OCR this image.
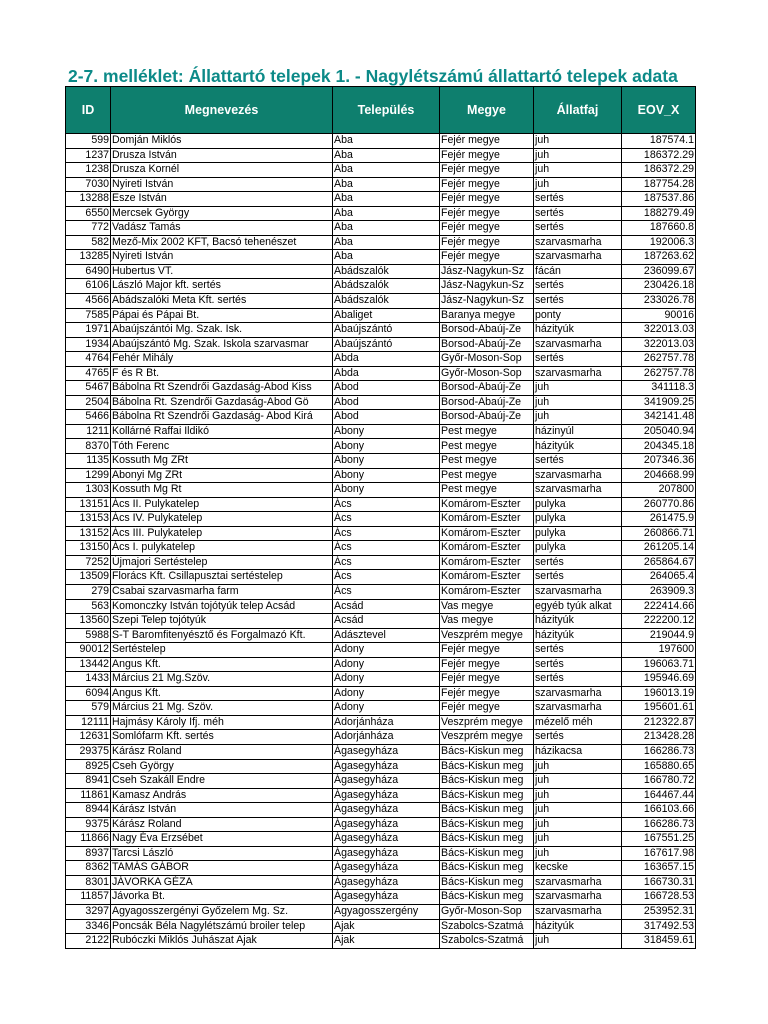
2-7. melléklet: Állattartó telepek 1. - Nagylétszámú állattartó telepek adata
ID	Megnevezés	Település	Megye	Állatfaj	EOV_X
599	Domján Miklós	Aba	Fejér megye	juh	187574.1
1237	Drusza István	Aba	Fejér megye	juh	186372.29
1238	Drusza Kornél	Aba	Fejér megye	juh	186372.29
7030	Nyireti István	Aba	Fejér megye	juh	187754.28
13288	Esze István	Aba	Fejér megye	sertés	187537.86
6550	Mercsek György	Aba	Fejér megye	sertés	188279.49
772	Vadász Tamás	Aba	Fejér megye	sertés	187660.8
582	Mező-Mix 2002 KFT, Bacsó tehenészet	Aba	Fejér megye	szarvasmarha	192006.3
13285	Nyireti István	Aba	Fejér megye	szarvasmarha	187263.62
6490	Hubertus VT.	Abádszalók	Jász-Nagykun-Sz	fácán	236099.67
6106	László Major kft. sertés	Abádszalók	Jász-Nagykun-Sz	sertés	230426.18
4566	Abádszalóki Meta Kft. sertés	Abádszalók	Jász-Nagykun-Sz	sertés	233026.78
7585	Pápai és Pápai Bt.	Abaliget	Baranya megye	ponty	90016
1971	Abaújszántói Mg. Szak. Isk.	Abaújszántó	Borsod-Abaúj-Ze	házityúk	322013.03
1934	Abaújszántó Mg. Szak. Iskola szarvasmar	Abaújszántó	Borsod-Abaúj-Ze	szarvasmarha	322013.03
4764	Fehér Mihály	Abda	Győr-Moson-Sop	sertés	262757.78
4765	F és R Bt.	Abda	Győr-Moson-Sop	szarvasmarha	262757.78
5467	Bábolna Rt Szendrői Gazdaság-Abod Kiss	Abod	Borsod-Abaúj-Ze	juh	341118.3
2504	Bábolna Rt. Szendrői Gazdaság-Abod Gö	Abod	Borsod-Abaúj-Ze	juh	341909.25
5466	Bábolna Rt Szendrői Gazdaság- Abod Kirá	Abod	Borsod-Abaúj-Ze	juh	342141.48
1211	Kollárné Raffai Ildikó	Abony	Pest megye	házinyúl	205040.94
8370	Tóth Ferenc	Abony	Pest megye	házityúk	204345.18
1135	Kossuth Mg ZRt	Abony	Pest megye	sertés	207346.36
1299	Abonyi Mg ZRt	Abony	Pest megye	szarvasmarha	204668.99
1303	Kossuth Mg Rt	Abony	Pest megye	szarvasmarha	207800
13151	Ács II. Pulykatelep	Ács	Komárom-Eszter	pulyka	260770.86
13153	Ács IV. Pulykatelep	Ács	Komárom-Eszter	pulyka	261475.9
13152	Ács III. Pulykatelep	Ács	Komárom-Eszter	pulyka	260866.71
13150	Ács I. pulykatelep	Ács	Komárom-Eszter	pulyka	261205.14
7252	Újmajori Sertéstelep	Ács	Komárom-Eszter	sertés	265864.67
13509	Florács Kft. Csillapusztai sertéstelep	Ács	Komárom-Eszter	sertés	264065.4
279	Csabai szarvasmarha farm	Ács	Komárom-Eszter	szarvasmarha	263909.3
563	Komonczky István tojótyúk telep Acsád	Acsád	Vas megye	egyéb tyúk alkat	222414.66
13560	Szepi Telep tojótyúk	Acsád	Vas megye	házityúk	222200.12
5988	S-T Baromfitenyésztő és Forgalmazó Kft.	Adásztevel	Veszprém megye	házityúk	219044.9
90012	Sertéstelep	Adony	Fejér megye	sertés	197600
13442	Angus Kft.	Adony	Fejér megye	sertés	196063.71
1433	Március 21 Mg.Szöv.	Adony	Fejér megye	sertés	195946.69
6094	Angus Kft.	Adony	Fejér megye	szarvasmarha	196013.19
579	Március 21 Mg. Szöv.	Adony	Fejér megye	szarvasmarha	195601.61
12111	Hajmásy Károly Ifj. méh	Adorjánháza	Veszprém megye	mézelő méh	212322.87
12631	Somlófarm Kft. sertés	Adorjánháza	Veszprém megye	sertés	213428.28
29375	Kárász Roland	Ágasegyháza	Bács-Kiskun meg	házikacsa	166286.73
8925	Cseh György	Ágasegyháza	Bács-Kiskun meg	juh	165880.65
8941	Cseh Szakáll Endre	Ágasegyháza	Bács-Kiskun meg	juh	166780.72
11861	Kamasz András	Ágasegyháza	Bács-Kiskun meg	juh	164467.44
8944	Kárász István	Ágasegyháza	Bács-Kiskun meg	juh	166103.66
9375	Kárász Roland	Ágasegyháza	Bács-Kiskun meg	juh	166286.73
11866	Nagy Éva Erzsébet	Ágasegyháza	Bács-Kiskun meg	juh	167551.25
8937	Tarcsi László	Ágasegyháza	Bács-Kiskun meg	juh	167617.98
8362	TAMÁS GÁBOR	Ágasegyháza	Bács-Kiskun meg	kecske	163657.15
8301	JÁVORKA GÉZA	Ágasegyháza	Bács-Kiskun meg	szarvasmarha	166730.31
11857	Jávorka Bt.	Ágasegyháza	Bács-Kiskun meg	szarvasmarha	166728.53
3297	Agyagosszergényi Győzelem Mg. Sz.	Agyagosszergény	Győr-Moson-Sop	szarvasmarha	253952.31
3346	Poncsák Béla Nagylétszámú broiler telep	Ajak	Szabolcs-Szatmá	házityúk	317492.53
2122	Rubóczki Miklós Juhászat Ajak	Ajak	Szabolcs-Szatmá	juh	318459.61
